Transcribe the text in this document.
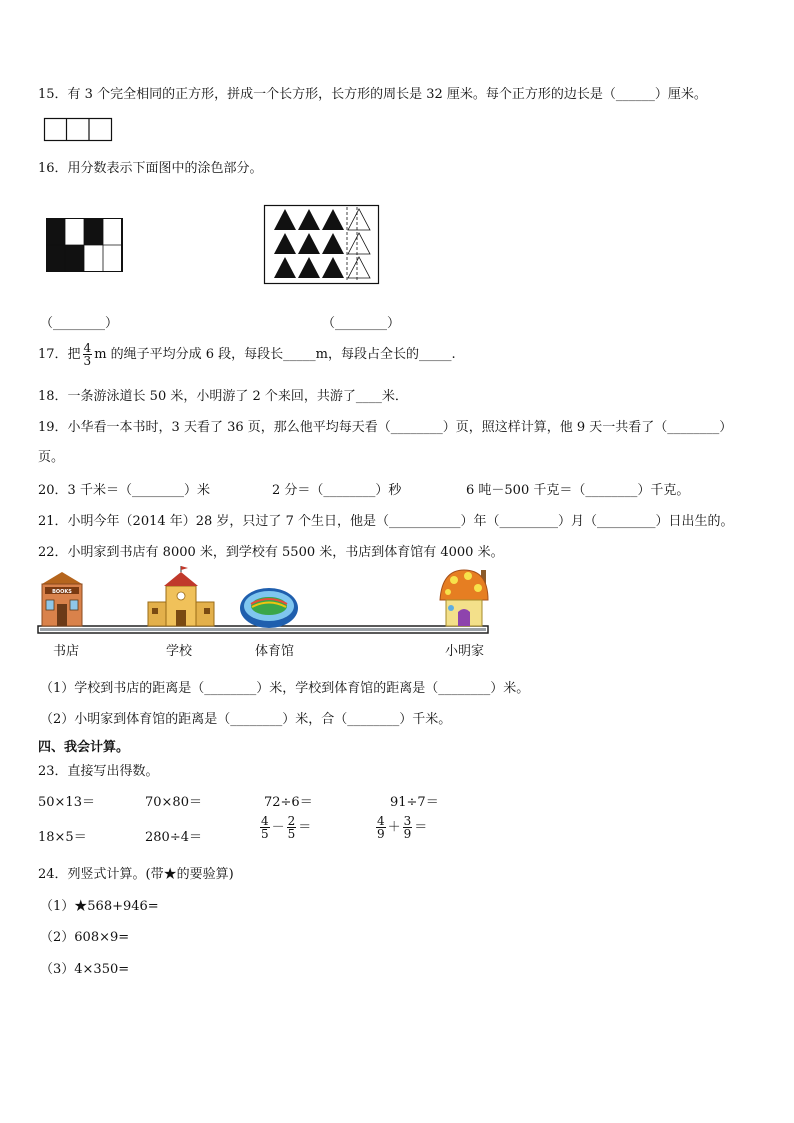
15．有 3 个完全相同的正方形，拼成一个长方形，长方形的周长是 32 厘米。每个正方形的边长是（______）厘米。
16．用分数表示下面图中的涂色部分。
（________）	（________）
17．把 $\frac{4}{3}$ m 的绳子平均分成 6 段，每段长_____m，每段占全长的_____.
18．一条游泳道长 50 米，小明游了 2 个来回，共游了____米．
19．小华看一本书时，3 天看了 36 页，那么他平均每天看（________）页，照这样计算，他 9 天一共看了（________）
页。
20．3 千米＝（________）米	2 分＝（________）秒	6 吨－500 千克＝（________）千克。
21．小明今年（2014 年）28 岁，只过了 7 个生日，他是（___________）年（_________）月（_________）日出生的。
22．小明家到书店有 8000 米，到学校有 5500 米，书店到体育馆有 4000 米。
BOOKS
书店	学校	体育馆	小明家
（1）学校到书店的距离是（________）米，学校到体育馆的距离是（________）米。
（2）小明家到体育馆的距离是（________）米，合（________）千米。
四、我会计算。
23．直接写出得数。
50×13＝	70×80＝	72÷6＝	91÷7＝
18×5＝	280÷4＝	$\frac{4}{5} - \frac{2}{5}$ ＝	$\frac{4}{9} + \frac{3}{9}$ ＝
24．列竖式计算。(带★的要验算)
（1）★568+946=
（2）608×9=
（3）4×350=
